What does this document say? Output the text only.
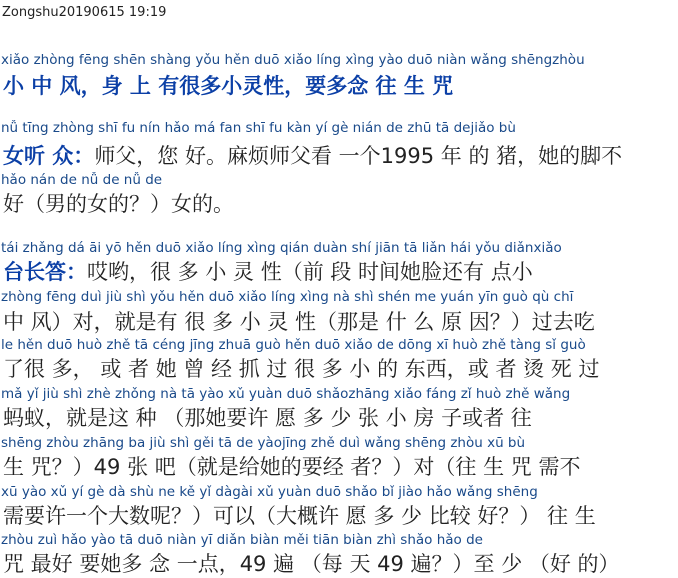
Zongshu20190615 19:19
xiǎo zhòng fēng shēn shàng yǒu hěn duō xiǎo líng xìng yào duō niàn wǎng shēngzhòu
小 中 风，身 上 有很多小灵性，要多念 往 生 咒
nǚ tīng zhòng shī fu nín hǎo má fan shī fu kàn yí gè nián de zhū tā dejiǎo bù
女听 众：师父，您 好。麻烦师父看 一个1995 年 的 猪，她的脚不
hǎo nán de nǚ de nǚ de
好（男的女的？）女的。
tái zhǎng dá āi yō hěn duō xiǎo líng xìng qián duàn shí jiān tā liǎn hái yǒu diǎnxiǎo
台长答：哎哟，很 多 小 灵 性（前 段 时间她脸还有 点小
zhòng fēng duì jiù shì yǒu hěn duō xiǎo líng xìng nà shì shén me yuán yīn guò qù chī
中 风）对，就是有 很 多 小 灵 性（那是 什 么 原 因？）过去吃
le hěn duō huò zhě tā céng jīng zhuā guò hěn duō xiǎo de dōng xī huò zhě tàng sǐ guò
了很 多， 或 者 她 曾 经 抓 过 很 多 小 的 东西，或 者 烫 死 过
mǎ yǐ jiù shì zhè zhǒng nà tā yào xǔ yuàn duō shǎozhāng xiǎo fáng zǐ huò zhě wǎng
蚂蚁，就是这 种 （那她要许 愿 多 少 张 小 房 子或者 往
shēng zhòu zhāng ba jiù shì gěi tā de yàojīng zhě duì wǎng shēng zhòu xū bù
生 咒？）49 张 吧（就是给她的要经 者？）对（往 生 咒 需不
xū yào xǔ yí gè dà shù ne kě yǐ dàgài xǔ yuàn duō shǎo bǐ jiào hǎo wǎng shēng
需要许一个大数呢？）可以（大概许 愿 多 少 比较 好？） 往 生
zhòu zuì hǎo yào tā duō niàn yī diǎn biàn měi tiān biàn zhì shǎo hǎo de
咒 最好 要她多 念 一点，49 遍 （每 天 49 遍？）至 少 （好 的）
